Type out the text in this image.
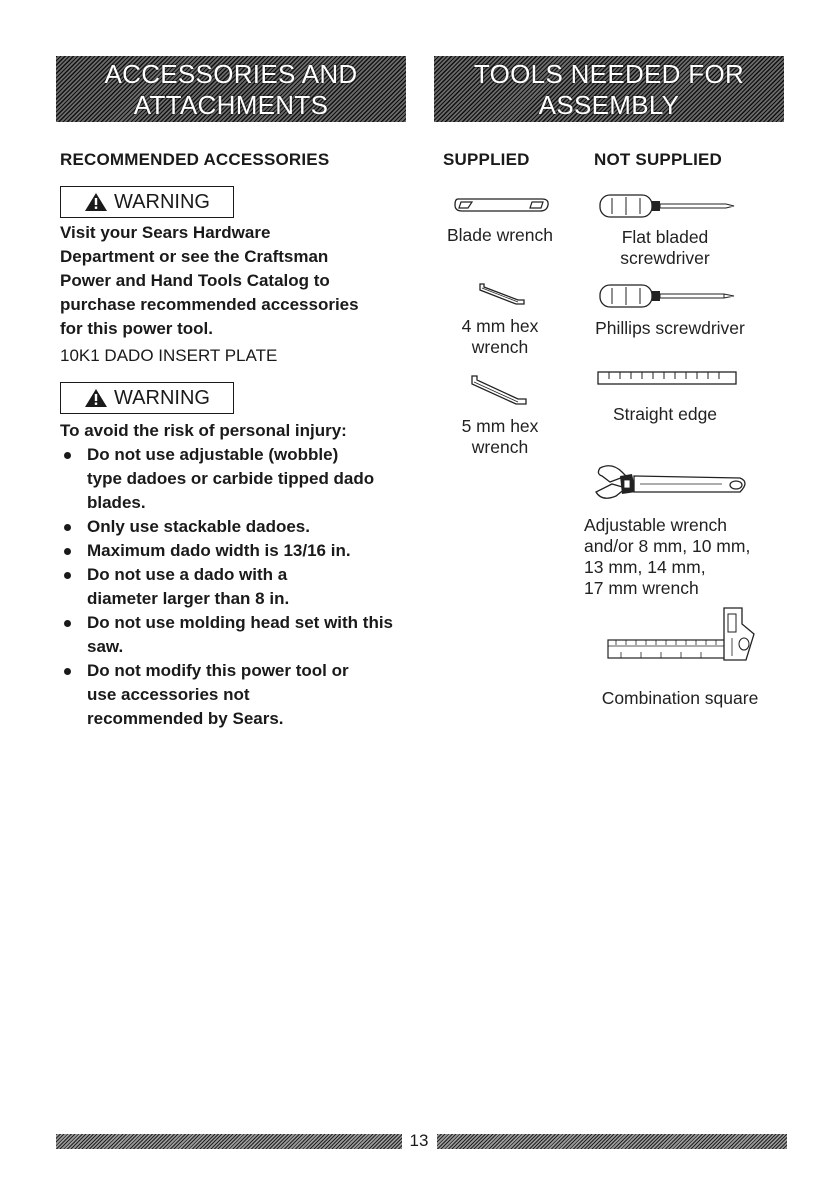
ACCESSORIES AND
ATTACHMENTS
TOOLS NEEDED FOR
ASSEMBLY
RECOMMENDED ACCESSORIES
WARNING
Visit your Sears Hardware
Department or see the Craftsman
Power and Hand Tools Catalog to
purchase recommended accessories
for this power tool.
10K1 DADO INSERT PLATE
WARNING
To avoid the risk of personal injury:
Do not use adjustable (wobble) type dadoes or carbide tipped dado blades.
Only use stackable dadoes.
Maximum dado width is 13/16 in.
Do not use a dado with a diameter larger than 8 in.
Do not use molding head set with this saw.
Do not modify this power tool or use accessories not recommended by Sears.
SUPPLIED
Blade wrench
4 mm hex
wrench
5 mm hex
wrench
NOT SUPPLIED
Flat bladed
screwdriver
Phillips screwdriver
Straight edge
Adjustable wrench
and/or 8 mm, 10 mm,
13 mm, 14 mm,
17 mm wrench
Combination square
13
